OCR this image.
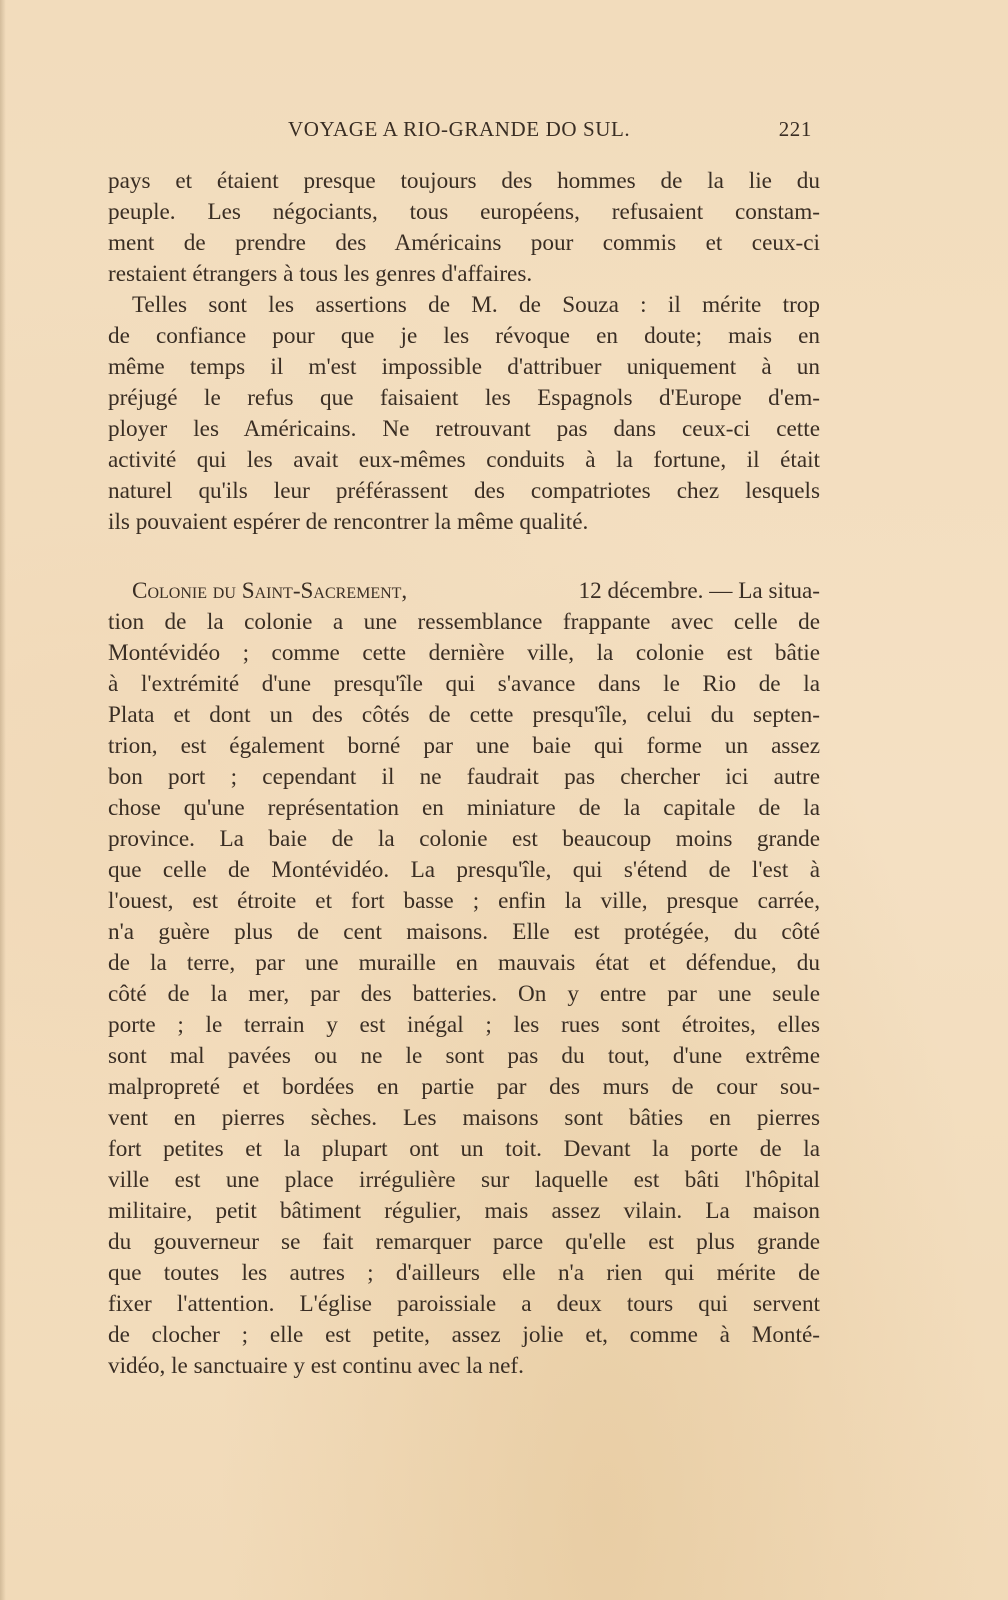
VOYAGE A RIO-GRANDE DO SUL.	221
pays et étaient presque toujours des hommes de la lie du
peuple. Les négociants, tous européens, refusaient constam-
ment de prendre des Américains pour commis et ceux-ci
restaient étrangers à tous les genres d'affaires.
Telles sont les assertions de M. de Souza : il mérite trop
de confiance pour que je les révoque en doute; mais en
même temps il m'est impossible d'attribuer uniquement à un
préjugé le refus que faisaient les Espagnols d'Europe d'em-
ployer les Américains. Ne retrouvant pas dans ceux-ci cette
activité qui les avait eux-mêmes conduits à la fortune, il était
naturel qu'ils leur préférassent des compatriotes chez lesquels
ils pouvaient espérer de rencontrer la même qualité.
Colonie du Saint-Sacrement,	12 décembre. — La situa-
tion de la colonie a une ressemblance frappante avec celle de
Montévidéo ; comme cette dernière ville, la colonie est bâtie
à l'extrémité d'une presqu'île qui s'avance dans le Rio de la
Plata et dont un des côtés de cette presqu'île, celui du septen-
trion, est également borné par une baie qui forme un assez
bon port ; cependant il ne faudrait pas chercher ici autre
chose qu'une représentation en miniature de la capitale de la
province. La baie de la colonie est beaucoup moins grande
que celle de Montévidéo. La presqu'île, qui s'étend de l'est à
l'ouest, est étroite et fort basse ; enfin la ville, presque carrée,
n'a guère plus de cent maisons. Elle est protégée, du côté
de la terre, par une muraille en mauvais état et défendue, du
côté de la mer, par des batteries. On y entre par une seule
porte ; le terrain y est inégal ; les rues sont étroites, elles
sont mal pavées ou ne le sont pas du tout, d'une extrême
malpropreté et bordées en partie par des murs de cour sou-
vent en pierres sèches. Les maisons sont bâties en pierres
fort petites et la plupart ont un toit. Devant la porte de la
ville est une place irrégulière sur laquelle est bâti l'hôpital
militaire, petit bâtiment régulier, mais assez vilain. La maison
du gouverneur se fait remarquer parce qu'elle est plus grande
que toutes les autres ; d'ailleurs elle n'a rien qui mérite de
fixer l'attention. L'église paroissiale a deux tours qui servent
de clocher ; elle est petite, assez jolie et, comme à Monté-
vidéo, le sanctuaire y est continu avec la nef.
